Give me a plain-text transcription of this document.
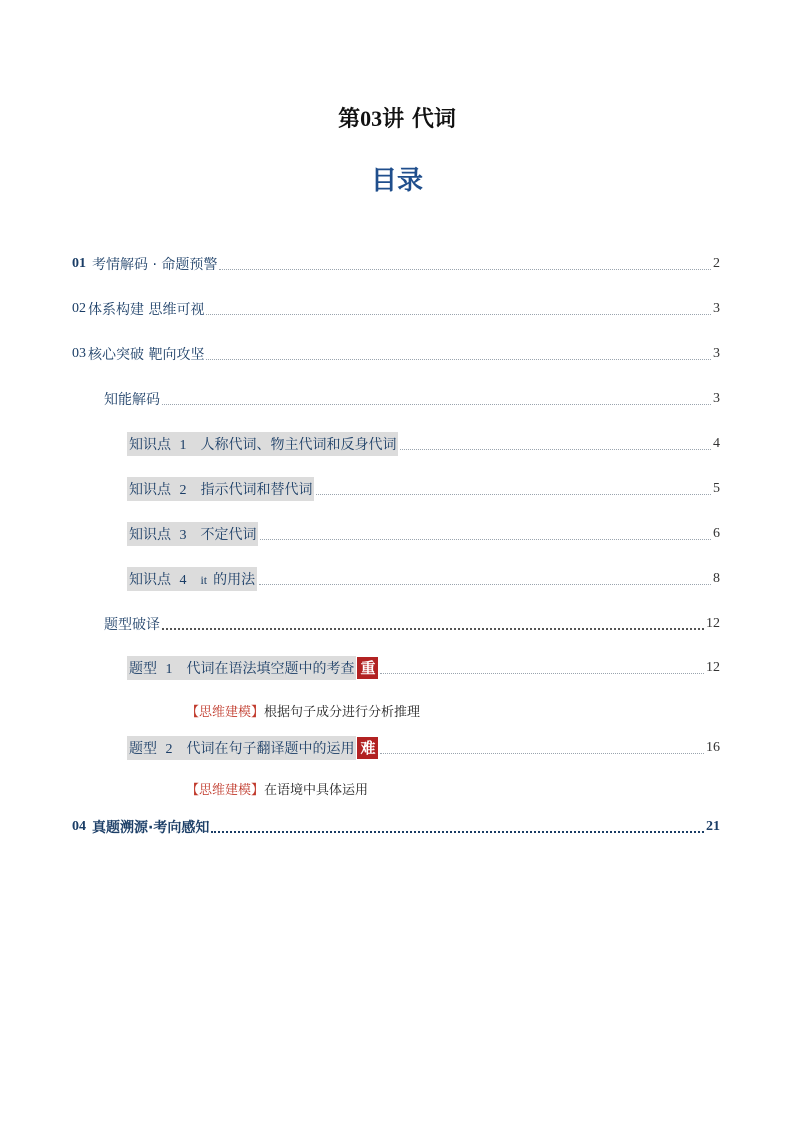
第03讲 代词
目录
01 考情解码 · 命题预警	2
02 体系构建 思维可视	3
03 核心突破 靶向攻坚	3
知能解码	3
知识点 1 人称代词、物主代词和反身代词	4
知识点 2 指示代词和替代词	5
知识点 3 不定代词	6
知识点 4 it 的用法	8
题型破译	12
题型 1 代词在语法填空题中的考查 重	12
【思维建模】根据句子成分进行分析推理
题型 2 代词在句子翻译题中的运用 难	16
【思维建模】在语境中具体运用
04 真题溯源·考向感知	21
